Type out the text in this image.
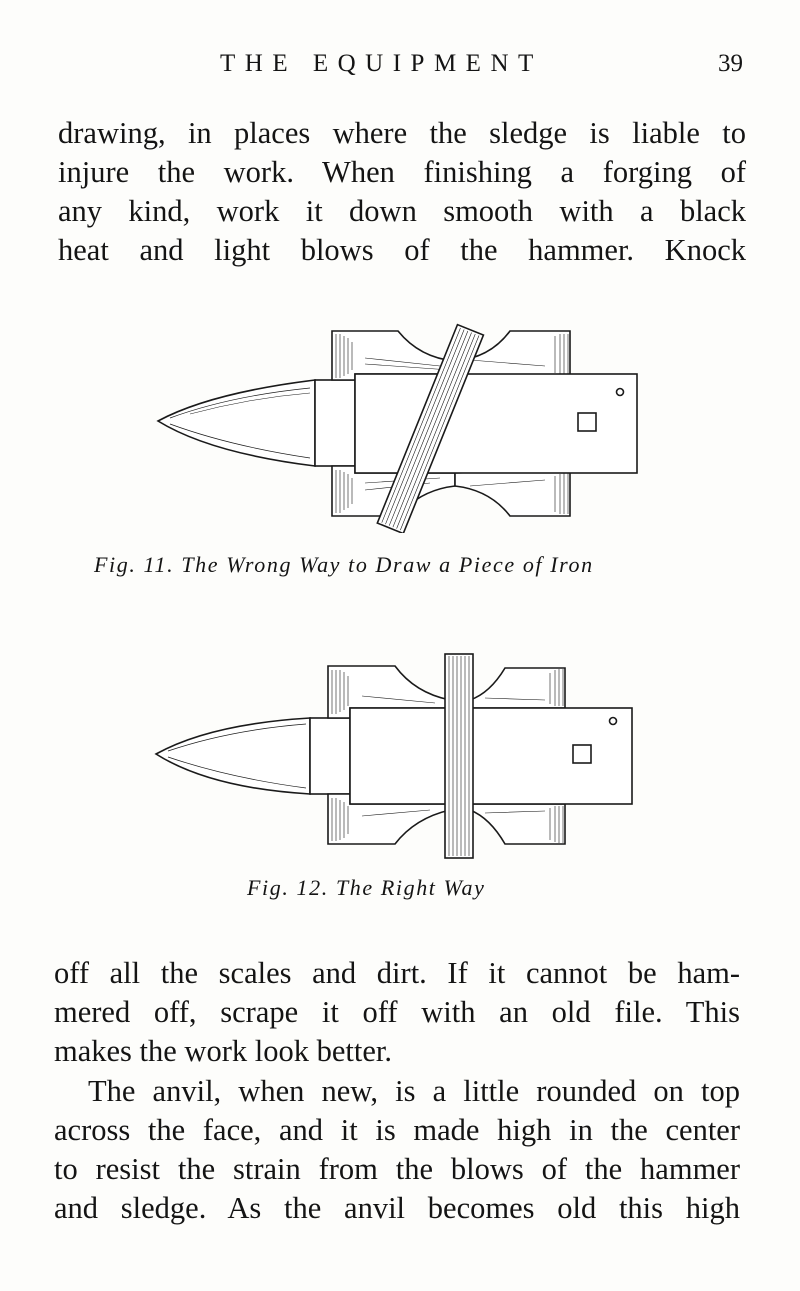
THE EQUIPMENT	39

drawing, in places where the sledge is liable to
injure the work. When finishing a forging of
any kind, work it down smooth with a black
heat and light blows of the hammer. Knock

Fig. 11. The Wrong Way to Draw a Piece of Iron
Fig. 12. The Right Way

off all the scales and dirt. If it cannot be ham-
mered off, scrape it off with an old file. This
makes the work look better.

The anvil, when new, is a little rounded on top
across the face, and it is made high in the center
to resist the strain from the blows of the hammer
and sledge. As the anvil becomes old this high
